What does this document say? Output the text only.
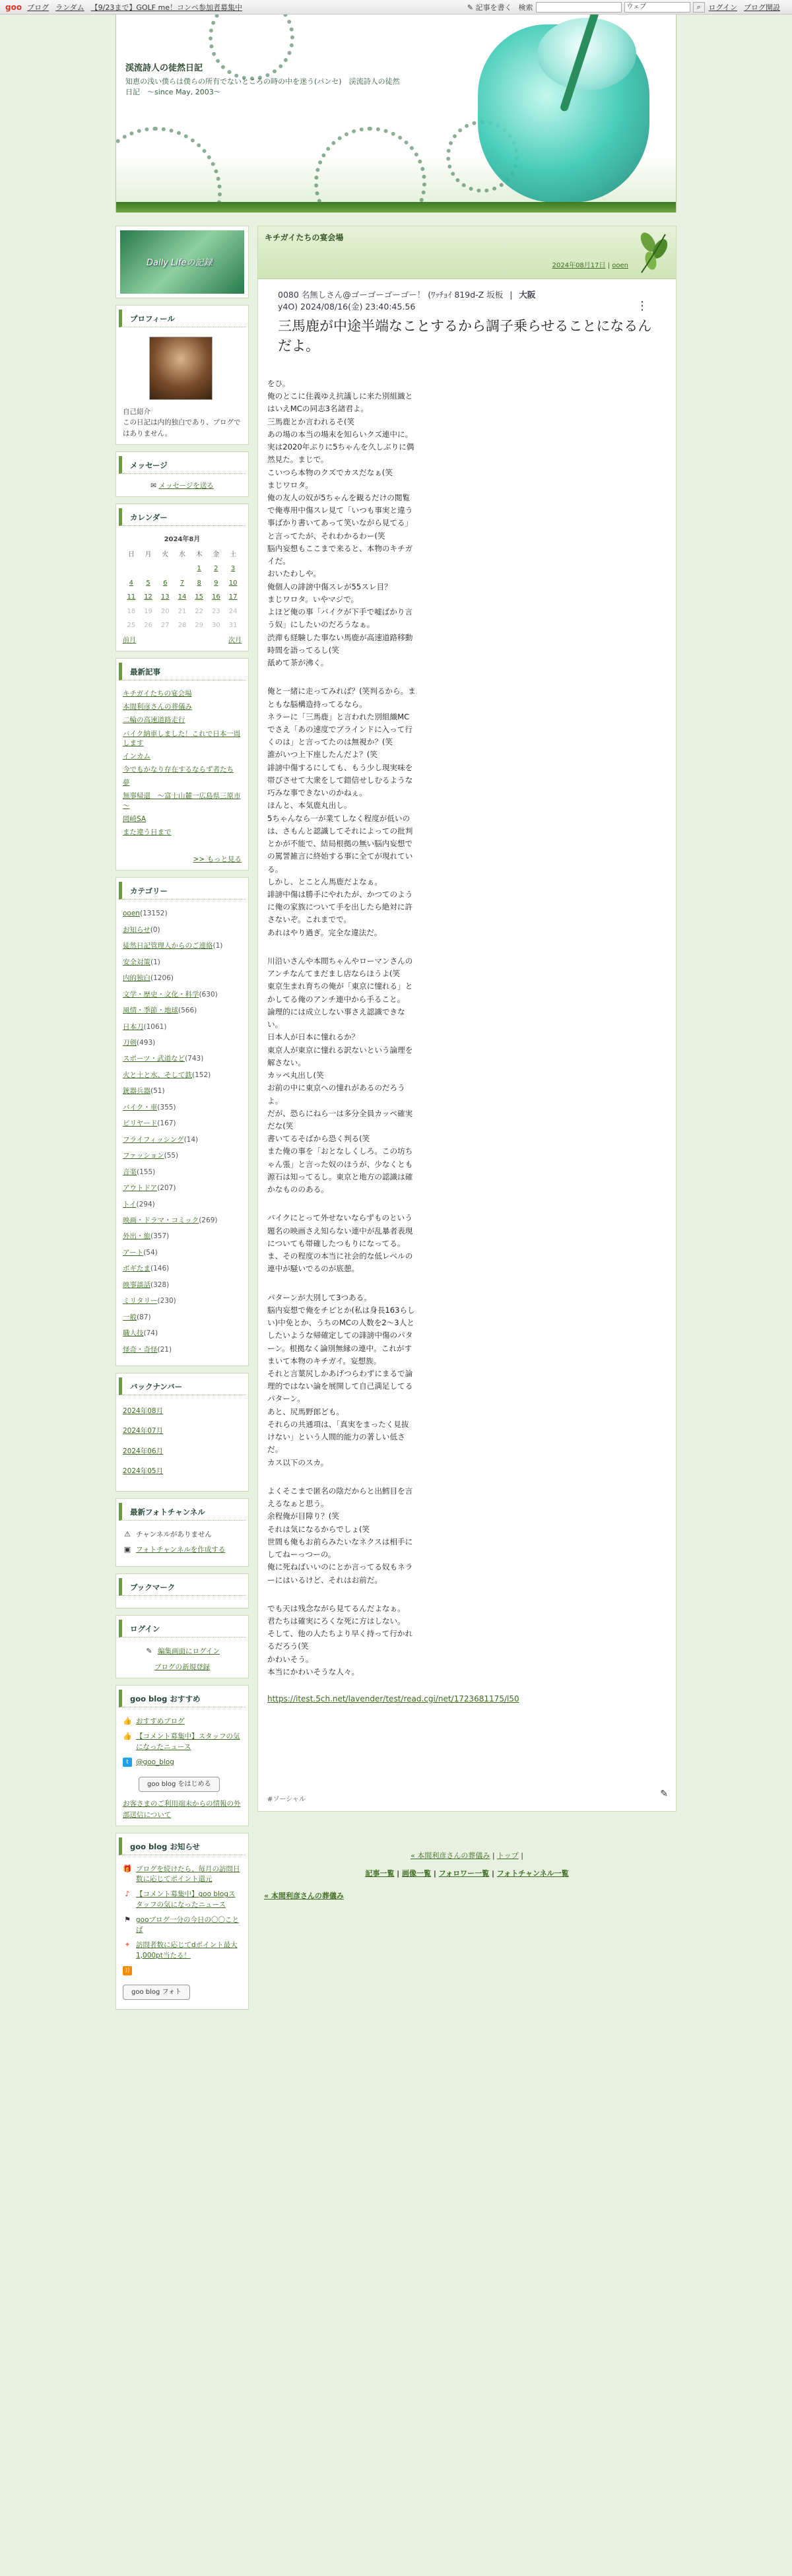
goo ブログ ランダム 【9/23まで】GOLF me！コンペ参加者募集中	✎ 記事を書く 検索	ウェブ	⌕	ログイン ブログ開設
渓流詩人の徒然日記
知恵の浅い僕らは僕らの所有でないところの時の中を迷う(パンセ)　渓流詩人の徒然日記　～since May, 2003～
Daily Lifeの記録
プロフィール
自己紹介
この日記は内的独白であり、ブログではありません。
メッセージ
✉ メッセージを送る
カレンダー
2024年8月						
日	月	火	水	木	金	土
				1	2	3
4	5	6	7	8	9	10
11	12	13	14	15	16	17
18	19	20	21	22	23	24
25	26	27	28	29	30	31
前月	次月
最新記事
キチガイたちの宴会場
本間利彦さんの葬儀み
二輪の高速道路走行
バイク納車しました！これで日本一周します
インカム
今でもかなり存在するならず者たち
夢
無事帰還　～富士山麓一広島県三原市～
岡崎SA
また違う日まで
>> もっと見る
カテゴリー
ooen(13152)
お知らせ(0)
徒然日記管理人からのご連絡(1)
安全対策(1)
内的独白(1206)
文学・歴史・文化・科学(630)
風情・季節・地球(566)
日本刀(1061)
刀剣(493)
スポーツ・武道など(743)
火と土と水、そして鉄(152)
銃器兵器(51)
バイク・車(355)
ビリヤード(167)
フライフィッシング(14)
ファッション(55)
音楽(155)
アウトドア(207)
トイ(294)
映画・ドラマ・コミック(269)
外出・旅(357)
アート(54)
ボギたま(146)
映事談話(328)
ミリタリー(230)
一般(87)
職人技(74)
怪奇・奇怪(21)
バックナンバー
2024年08月
2024年07月
2024年06月
2024年05月
最新フォトチャンネル
⚠ チャンネルがありません
▣ フォトチャンネルを作成する
ブックマーク
ログイン
✎ 編集画面にログイン
ブログの新規登録
goo blog おすすめ
👍 おすすめブログ
👍 【コメント募集中】スタッフの気になったニュース
t	@goo_blog
goo blog をはじめる
お客さまのご利用端末からの情報の外部送信について
goo blog お知らせ
🎁 ブログを続けたら、毎月の訪問日数に応じてポイント還元
♪ 【コメント募集中】goo blogスタッフの気になったニュース
⚑ gooブログ一分の今日の〇〇ことば
✦ 訪問者数に応じてdポイント最大1,000pt当たる！
))
goo blog フォト
キチガイたちの宴会場
2024年08月17日 | ooen
0080 名無しさん@ゴーゴーゴーゴー！ (ﾜｯﾁｮｲ 819d-Z 坂板 | 大阪
y4O) 2024/08/16(金) 23:40:45.56
三馬鹿が中途半端なことするから調子乗らせることになるんだよ。
⋮

をひ。
俺のとこに住義ゆえ抗議しに来た別組織とはいえMCの同志3名諸君よ。
三馬鹿とか言われるそ(笑
あの場の本当の場末を知らいクズ連中に。
実は2020年ぶりに5ちゃんを久しぶりに偶然見た。まじで。
こいつら本物のクズでカスだなぁ(笑
まじワロタ。
俺の友人の奴が5ちゃんを観るだけの閲覧で俺専用中傷スレ見て「いつも事実と違う事ばかり書いてあって笑いながら見てる」と言ってたが、それわかるわー(笑
脳内妄想もここまで来ると、本物のキチガイだ。
おいたわしや。
俺個人の誹謗中傷スレが55スレ目？
まじワロタ。いやマジで。
よほど俺の事「バイクが下手で嘘ばかり言う奴」にしたいのだろうなぁ。
渋滞も経験した事ない馬鹿が高速道路移動時間を語ってるし(笑
舐めて茶が沸く。

俺と一緒に走ってみれば？(笑判るから。まともな脳構造持ってるなら。
ネラーに「三馬鹿」と言われた別組織MCでさえ「あの速度でブラインドに入って行くのは」と言ってたのは無視か？(笑
誰がいつ上下座したんだよ？(笑
誹謗中傷するにしても、もう少し現実味を帯びさせて大衆をして錯信せしむるような巧みな事できないのかねぇ。
ほんと、本気鹿丸出し。
5ちゃんなら一が業てしなく程度が低いのは、さもんと認識してそれによっての批判とかが不能で、結局根拠の無い脳内妄想での罵詈雑言に終始する事に全てが現れている。
しかし、とことん馬鹿だよなぁ。
誹謗中傷は勝手にやれたが、かつてのように俺の家族について手を出したら絶対に許さないぞ。これまでで。
あれはやり過ぎ。完全な違法だ。

川沿いさんや本間ちゃんやローマンさんのアンチなんてまだまし店ならほうよ(笑
東京生まれ育ちの俺が「東京に憧れる」とかしてる俺のアンチ連中から手ること。
論理的には成立しない事さえ認識できない。
日本人が日本に憧れるか？
東京人が東京に憧れる訳ないという論理を解さない。
カッペ丸出し(笑
お前の中に東京への憧れがあるのだろうよ。
だが、恐らにねら一は多分全員カッペ確実だな(笑
書いてるそばから恐く判る(笑
また俺の事を「おとなしくしろ。この坊ちゃん張」と言った奴のほうが、少なくとも源石は知ってるし。東京と地方の認識は確かなもののある。

バイクにとって外せないならずものという題名の映画さえ知らない連中が乱暴者表現についても帯確したつもりになってる。
ま、その程度の本当に社会的な低レベルの連中が騒いでるのが底憩。

パターンが大別して3つある。
脳内妄想で俺をチビとか(私は身長163らしい)中免とか、うちのMCの人数を2〜3人としたいような帰確定しての誹謗中傷のパターン。根拠なく論別無縁の連中。これがすまいて本物のキチガイ。妄想族。
それと言葉尻しかあげつらわずにまるで論理的ではない論を展開して自己満足してるパターン。
あと、尻馬野郎ども。
それらの共通項は、「真実をまったく見抜けない」という人間的能力の著しい低さだ。
カス以下のスカ。

よくそこまで匿名の陰だからと出鱈目を言えるなぁと思う。
余程俺が目障り？(笑
それは気になるからでしょ(笑
世間も俺もお前らみたいなネクスは相手にしてねーっつーの。
俺に死ねばいいのにとか言ってる奴もネラーにはいるけど、それはお前だ。

でも天は残念ながら見てるんだよなぁ。
君たちは確実にろくな死に方はしない。
そして、他の人たちより早く持って行かれるだろう(笑
かわいそう。
本当にかわいそうな人々。

https://itest.5ch.net/lavender/test/read.cgi/net/1723681175/l50
#ソーシャル
✎
« 本間利彦さんの葬儀み | トップ |
記事一覧 | 画像一覧 | フォロワー一覧 | フォトチャンネル一覧
« 本間利彦さんの葬儀み
